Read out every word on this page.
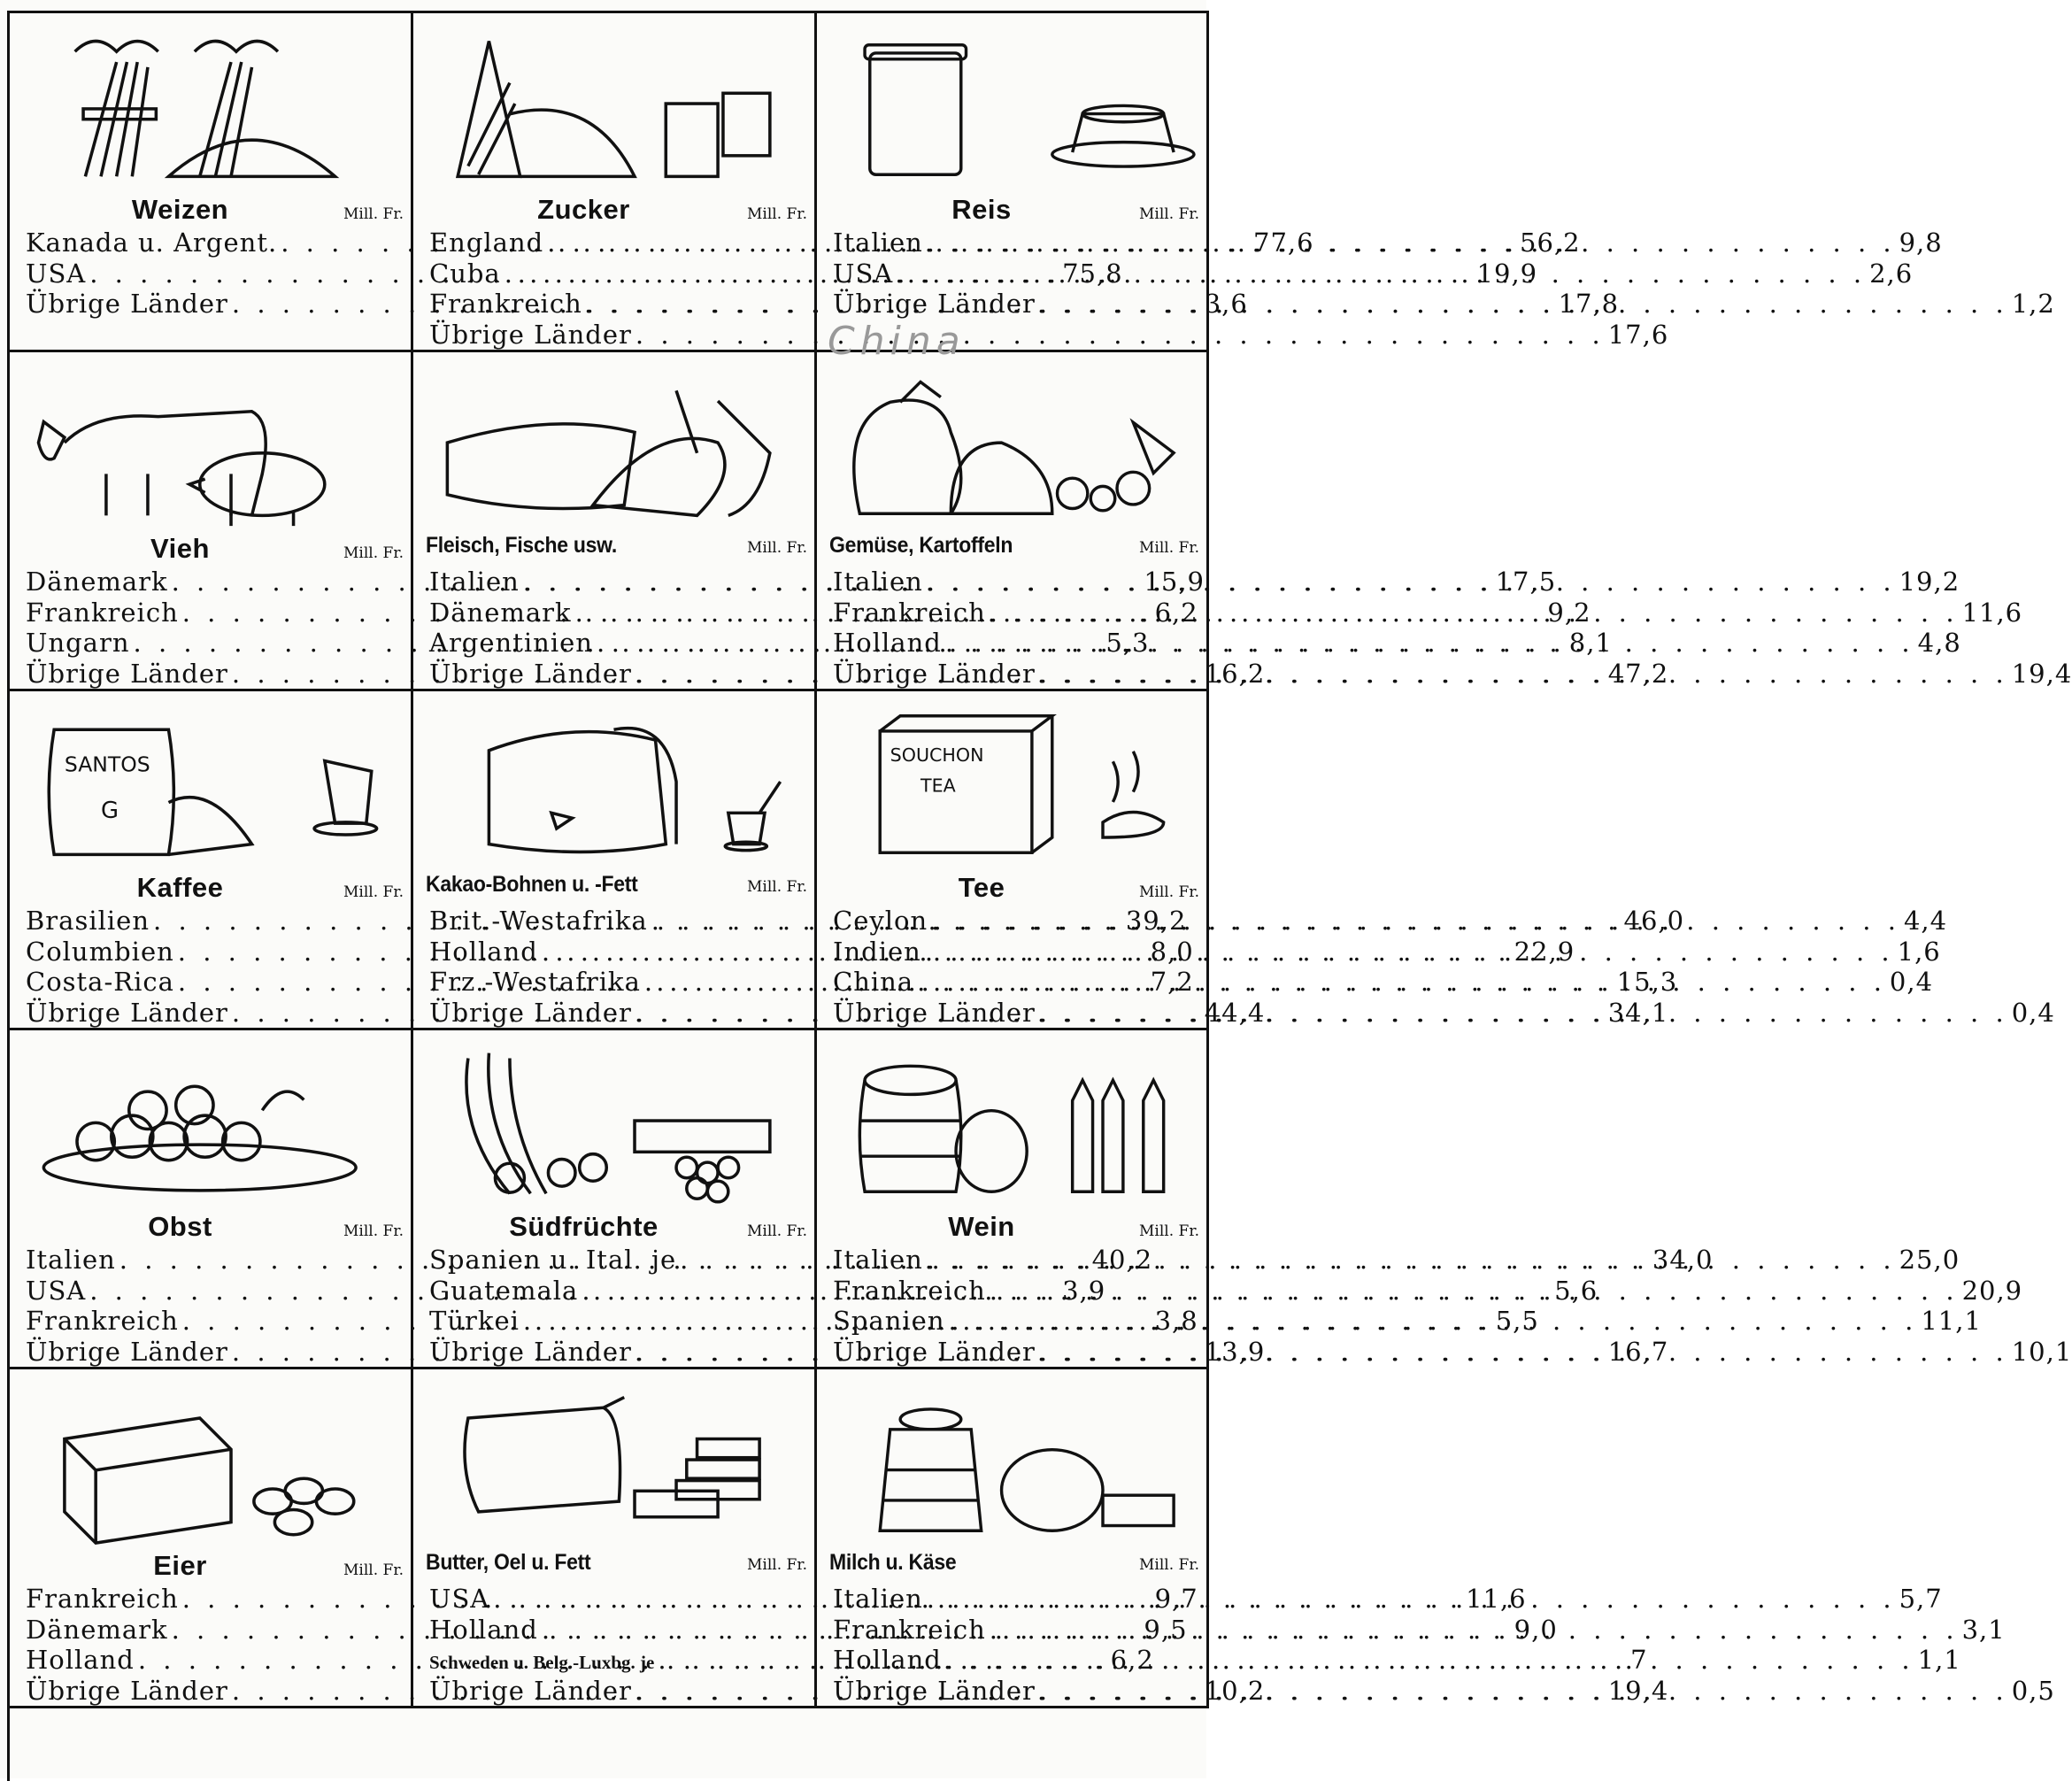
Weizen	Mill. Fr.
Kanada u. Argent. . . .	77,6
USA . . .	75,8
Übrige Länder . . .	3,6
Zucker	Mill. Fr.
England . . .	56,2
Cuba . . .	19,9
Frankreich . . .	17,8
Übrige Länder . . .	17,6
Reis	Mill. Fr.
Italien . . .	9,8
USA . . .	2,6
Übrige Länder . . .	1,2
Vieh	Mill. Fr.
Dänemark . . .	15,9
Frankreich . . .	6,2
Ungarn . . .	5,3
Übrige Länder . . .	16,2
Fleisch, Fische usw.	Mill. Fr.
Italien . . .	17,5
Dänemark . . .	9,2
Argentinien . . .	8,1
Übrige Länder . . .	47,2
Gemüse, Kartoffeln	Mill. Fr.
Italien . . .	19,2
Frankreich . . .	11,6
Holland . . .	4,8
Übrige Länder . . .	19,4
SANTOS
G
Kaffee	Mill. Fr.
Brasilien . . .	39,2
Columbien . . .	8,0
Costa-Rica . . .	7,2
Übrige Länder . . .	44,4
Kakao-Bohnen u. -Fett	Mill. Fr.
Brit.-Westafrika . . .	46,0
Holland . . .	22,9
Frz.-Westafrika . . .	15,3
Übrige Länder . . .	34,1
SOUCHON
TEA
Tee	Mill. Fr.
Ceylon . . .	4,4
Indien . . .	1,6
China . . .	0,4
Übrige Länder . . .	0,4
Obst	Mill. Fr.
Italien . . .	40,2
USA . . .	3,9
Frankreich . . .	3,8
Übrige Länder . . .	13,9
Südfrüchte	Mill. Fr.
Spanien u. Ital. je . . .	34,0
Guatemala . . .	5,6
Türkei . . .	5,5
Übrige Länder . . .	16,7
Wein	Mill. Fr.
Italien . . .	25,0
Frankreich . . .	20,9
Spanien . . .	11,1
Übrige Länder . . .	10,1
Eier	Mill. Fr.
Frankreich . . .	9,7
Dänemark . . .	9,5
Holland . . .	6,2
Übrige Länder . . .	10,2
Butter, Oel u. Fett	Mill. Fr.
USA . . .	11,6
Holland . . .	9,0
Schweden u. Belg.-Luxbg. je . . .	7
Übrige Länder . . .	19,4
Milch u. Käse	Mill. Fr.
Italien . . .	5,7
Frankreich . . .	3,1
Holland . . .	1,1
Übrige Länder . . .	0,5
China
